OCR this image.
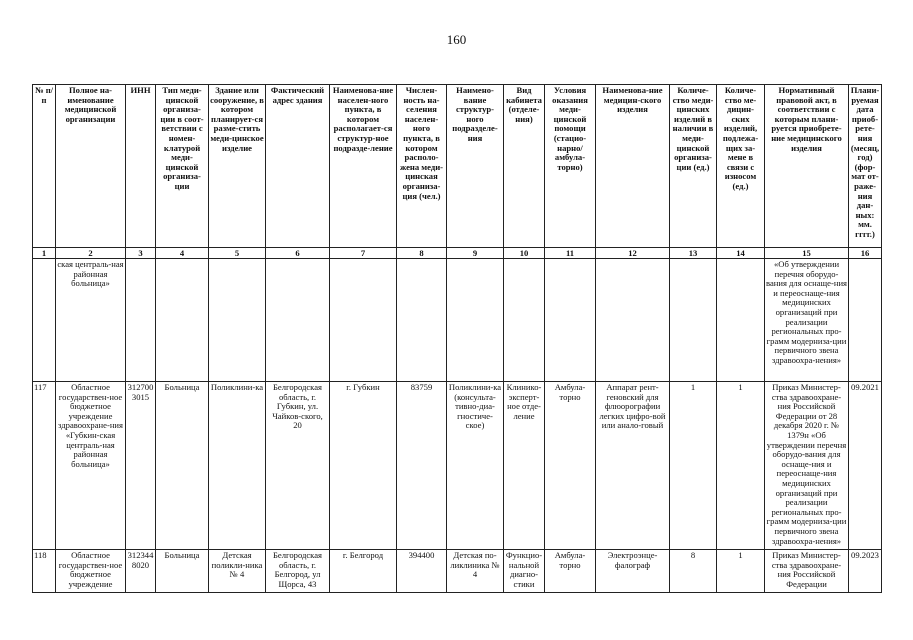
160
№ п/п	Полное на-именование медицинской организации	ИНН	Тип меди-цинской организа-ции в соот-ветствии с номен-клатурой меди-цинской организа-ции	Здание или сооружение, в котором планирует-ся разме-стить меди-цинское изделие	Фактический адрес здания	Наименова-ние населен-ного пункта, в котором располагает-ся структур-ное подразде-ление	Числен-ность на-селения населен-ного пункта, в котором располо-жена меди-цинская организа-ция (чел.)	Наимено-вание структур-ного подразделе-ния	Вид кабинета (отделе-ния)	Условия оказания меди-цинской помощи (стацио-нарно/ амбула-торно)	Наименова-ние медицин-ского изделия	Количе-ство меди-цинских изделий в наличии в меди-цинской организа-ции (ед.)	Количе-ство ме-дицин-ских изделий, подлежа-щих за-мене в связи с износом (ед.)	Нормативный правовой акт, в соответствии с которым плани-руется приобрете-ние медицинского изделия	Плани-руемая дата приоб-рете-ния (месяц, год) (фор-мат от-раже-ния дан-ных: мм. гггг.)
1	2	3	4	5	6	7	8	9	10	11	12	13	14	15	16
	ская централь-ная районная больница»													«Об утверждении перечня оборудо-вания для оснаще-ния и переоснаще-ния медицинских организаций при реализации региональных про-грамм модерниза-ции первичного звена здравоохра-нения»	
117	Областное государствен-ное бюджетное учреждение здравоохране-ния «Губкин-ская централь-ная районная больница»	3127003015	Больница	Поликлини-ка	Белгородская область, г. Губкин, ул. Чайков-ского, 20	г. Губкин	83759	Поликлини-ка (консульта-тивно-диа-гностиче-ское)	Клинико-эксперт-ное отде-ление	Амбула-торно	Аппарат рент-геновский для флюорографии легких цифро-вой или анало-говый	1	1	Приказ Министер-ства здравоохране-ния Российской Федерации от 28 декабря 2020 г. № 1379н «Об утверждении перечня оборудо-вания для оснаще-ния и переоснаще-ния медицинских организаций при реализации региональных про-грамм модерниза-ции первичного звена здравоохра-нения»	09.2021
118	Областное государствен-ное бюджетное учреждение	3123448020	Больница	Детская поликли-ника № 4	Белгородская область, г. Белгород, ул Щорса, 43	г. Белгород	394400	Детская по-ликлиника № 4	Функцио-нальной диагно-стики	Амбула-торно	Электроэнце-фалограф	8	1	Приказ Министер-ства здравоохране-ния Российской Федерации	09.2023
